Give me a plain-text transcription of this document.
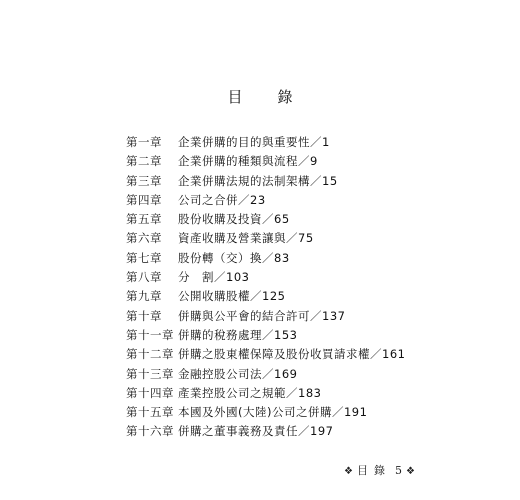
目　錄
第一章	企業併購的目的與重要性／1
第二章	企業併購的種類與流程／9
第三章	企業併購法規的法制架構／15
第四章	公司之合併／23
第五章	股份收購及投資／65
第六章	資產收購及營業讓與／75
第七章	股份轉（交）換／83
第八章	分　割／103
第九章	公開收購股權／125
第十章	併購與公平會的結合許可／137
第十一章 併購的稅務處理／153
第十二章 併購之股東權保障及股份收買請求權／161
第十三章 金融控股公司法／169
第十四章 產業控股公司之規範／183
第十五章 本國及外國(大陸)公司之併購／191
第十六章 併購之董事義務及責任／197
❖ 目錄 5 ❖
